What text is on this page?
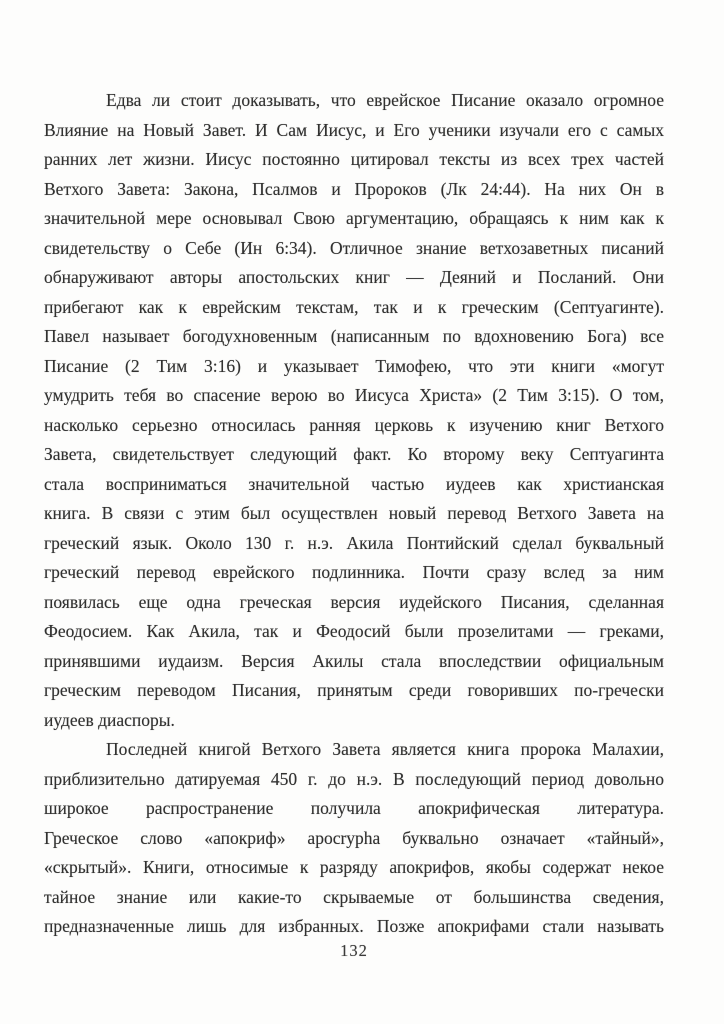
Едва ли стоит доказывать, что еврейское Писание оказало огромное
Влияние на Новый Завет. И Сам Иисус, и Его ученики изучали его с самых
ранних лет жизни. Иисус постоянно цитировал тексты из всех трех частей
Ветхого Завета: Закона, Псалмов и Пророков (Лк 24:44). На них Он в
значительной мере основывал Свою аргументацию, обращаясь к ним как к
свидетельству о Себе (Ин 6:34). Отличное знание ветхозаветных писаний
обнаруживают авторы апостольских книг — Деяний и Посланий. Они
прибегают как к еврейским текстам, так и к греческим (Септуагинте).
Павел называет богодухновенным (написанным по вдохновению Бога) все
Писание (2 Тим 3:16) и указывает Тимофею, что эти книги «могут
умудрить тебя во спасение верою во Иисуса Христа» (2 Тим 3:15). О том,
насколько серьезно относилась ранняя церковь к изучению книг Ветхого
Завета, свидетельствует следующий факт. Ко второму веку Септуагинта
стала восприниматься значительной частью иудеев как христианская
книга. В связи с этим был осуществлен новый перевод Ветхого Завета на
греческий язык. Около 130 г. н.э. Акила Понтийский сделал буквальный
греческий перевод еврейского подлинника. Почти сразу вслед за ним
появилась еще одна греческая версия иудейского Писания, сделанная
Феодосием. Как Акила, так и Феодосий были прозелитами — греками,
принявшими иудаизм. Версия Акилы стала впоследствии официальным
греческим переводом Писания, принятым среди говоривших по-гречески
иудеев диаспоры.
Последней книгой Ветхого Завета является книга пророка Малахии,
приблизительно датируемая 450 г. до н.э. В последующий период довольно
широкое распространение получила апокрифическая литература.
Греческое слово «апокриф» apocrypha буквально означает «тайный»,
«скрытый». Книги, относимые к разряду апокрифов, якобы содержат некое
тайное знание или какие-то скрываемые от большинства сведения,
предназначенные лишь для избранных. Позже апокрифами стали называть
132
